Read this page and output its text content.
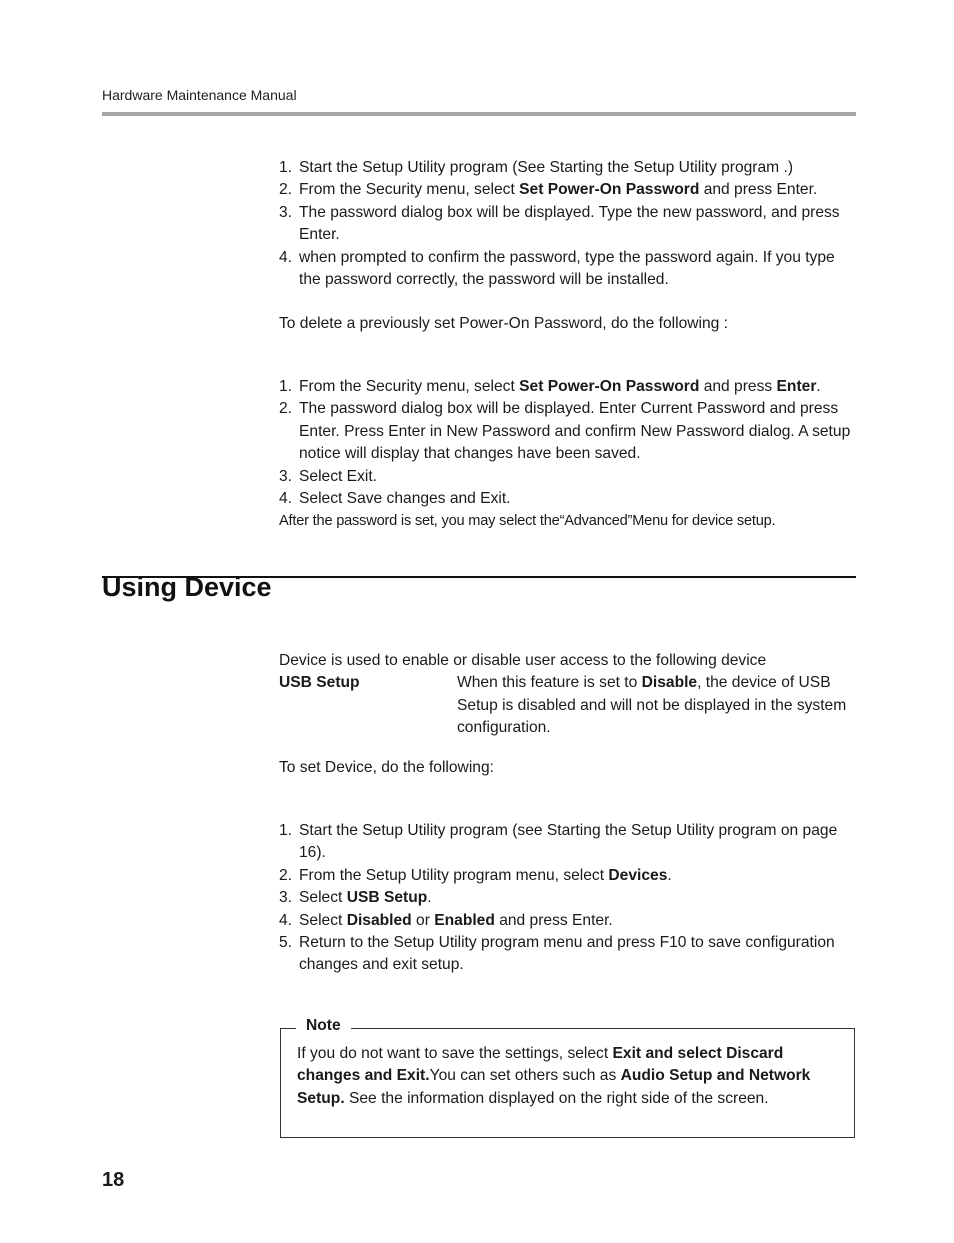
Hardware Maintenance Manual
1. Start the Setup Utility program (See Starting the Setup Utility program .)
2. From the Security menu, select Set Power-On Password and press Enter.
3. The password dialog box will be displayed. Type the new password, and press Enter.
4. when prompted to confirm the password, type the password again. If you type the password correctly, the password will be installed.

To delete a previously set Power-On Password, do the following :

1. From the Security menu, select Set Power-On Password and press Enter.
2. The password dialog box will be displayed. Enter Current Password and press Enter. Press Enter in New Password and confirm New Password dialog. A setup notice will display that changes have been saved.
3. Select Exit.
4. Select Save changes and Exit.

After the password is set, you may select the“Advanced”Menu for device setup.

Using Device

Device is used to enable or disable user access to the following device

USB Setup	When this feature is set to Disable, the device of USB Setup is disabled and will not be displayed in the system configuration.

To set Device, do the following:

1. Start the Setup Utility program (see Starting the Setup Utility program on page 16).
2. From the Setup Utility program menu, select Devices.
3. Select USB Setup.
4. Select Disabled or Enabled and press Enter.
5. Return to the Setup Utility program menu and press F10 to save configuration changes and exit setup.
Note
If you do not want to save the settings, select Exit and select Discard changes and Exit.You can set others such as Audio Setup and Network Setup. See the information displayed on the right side of the screen.
18
